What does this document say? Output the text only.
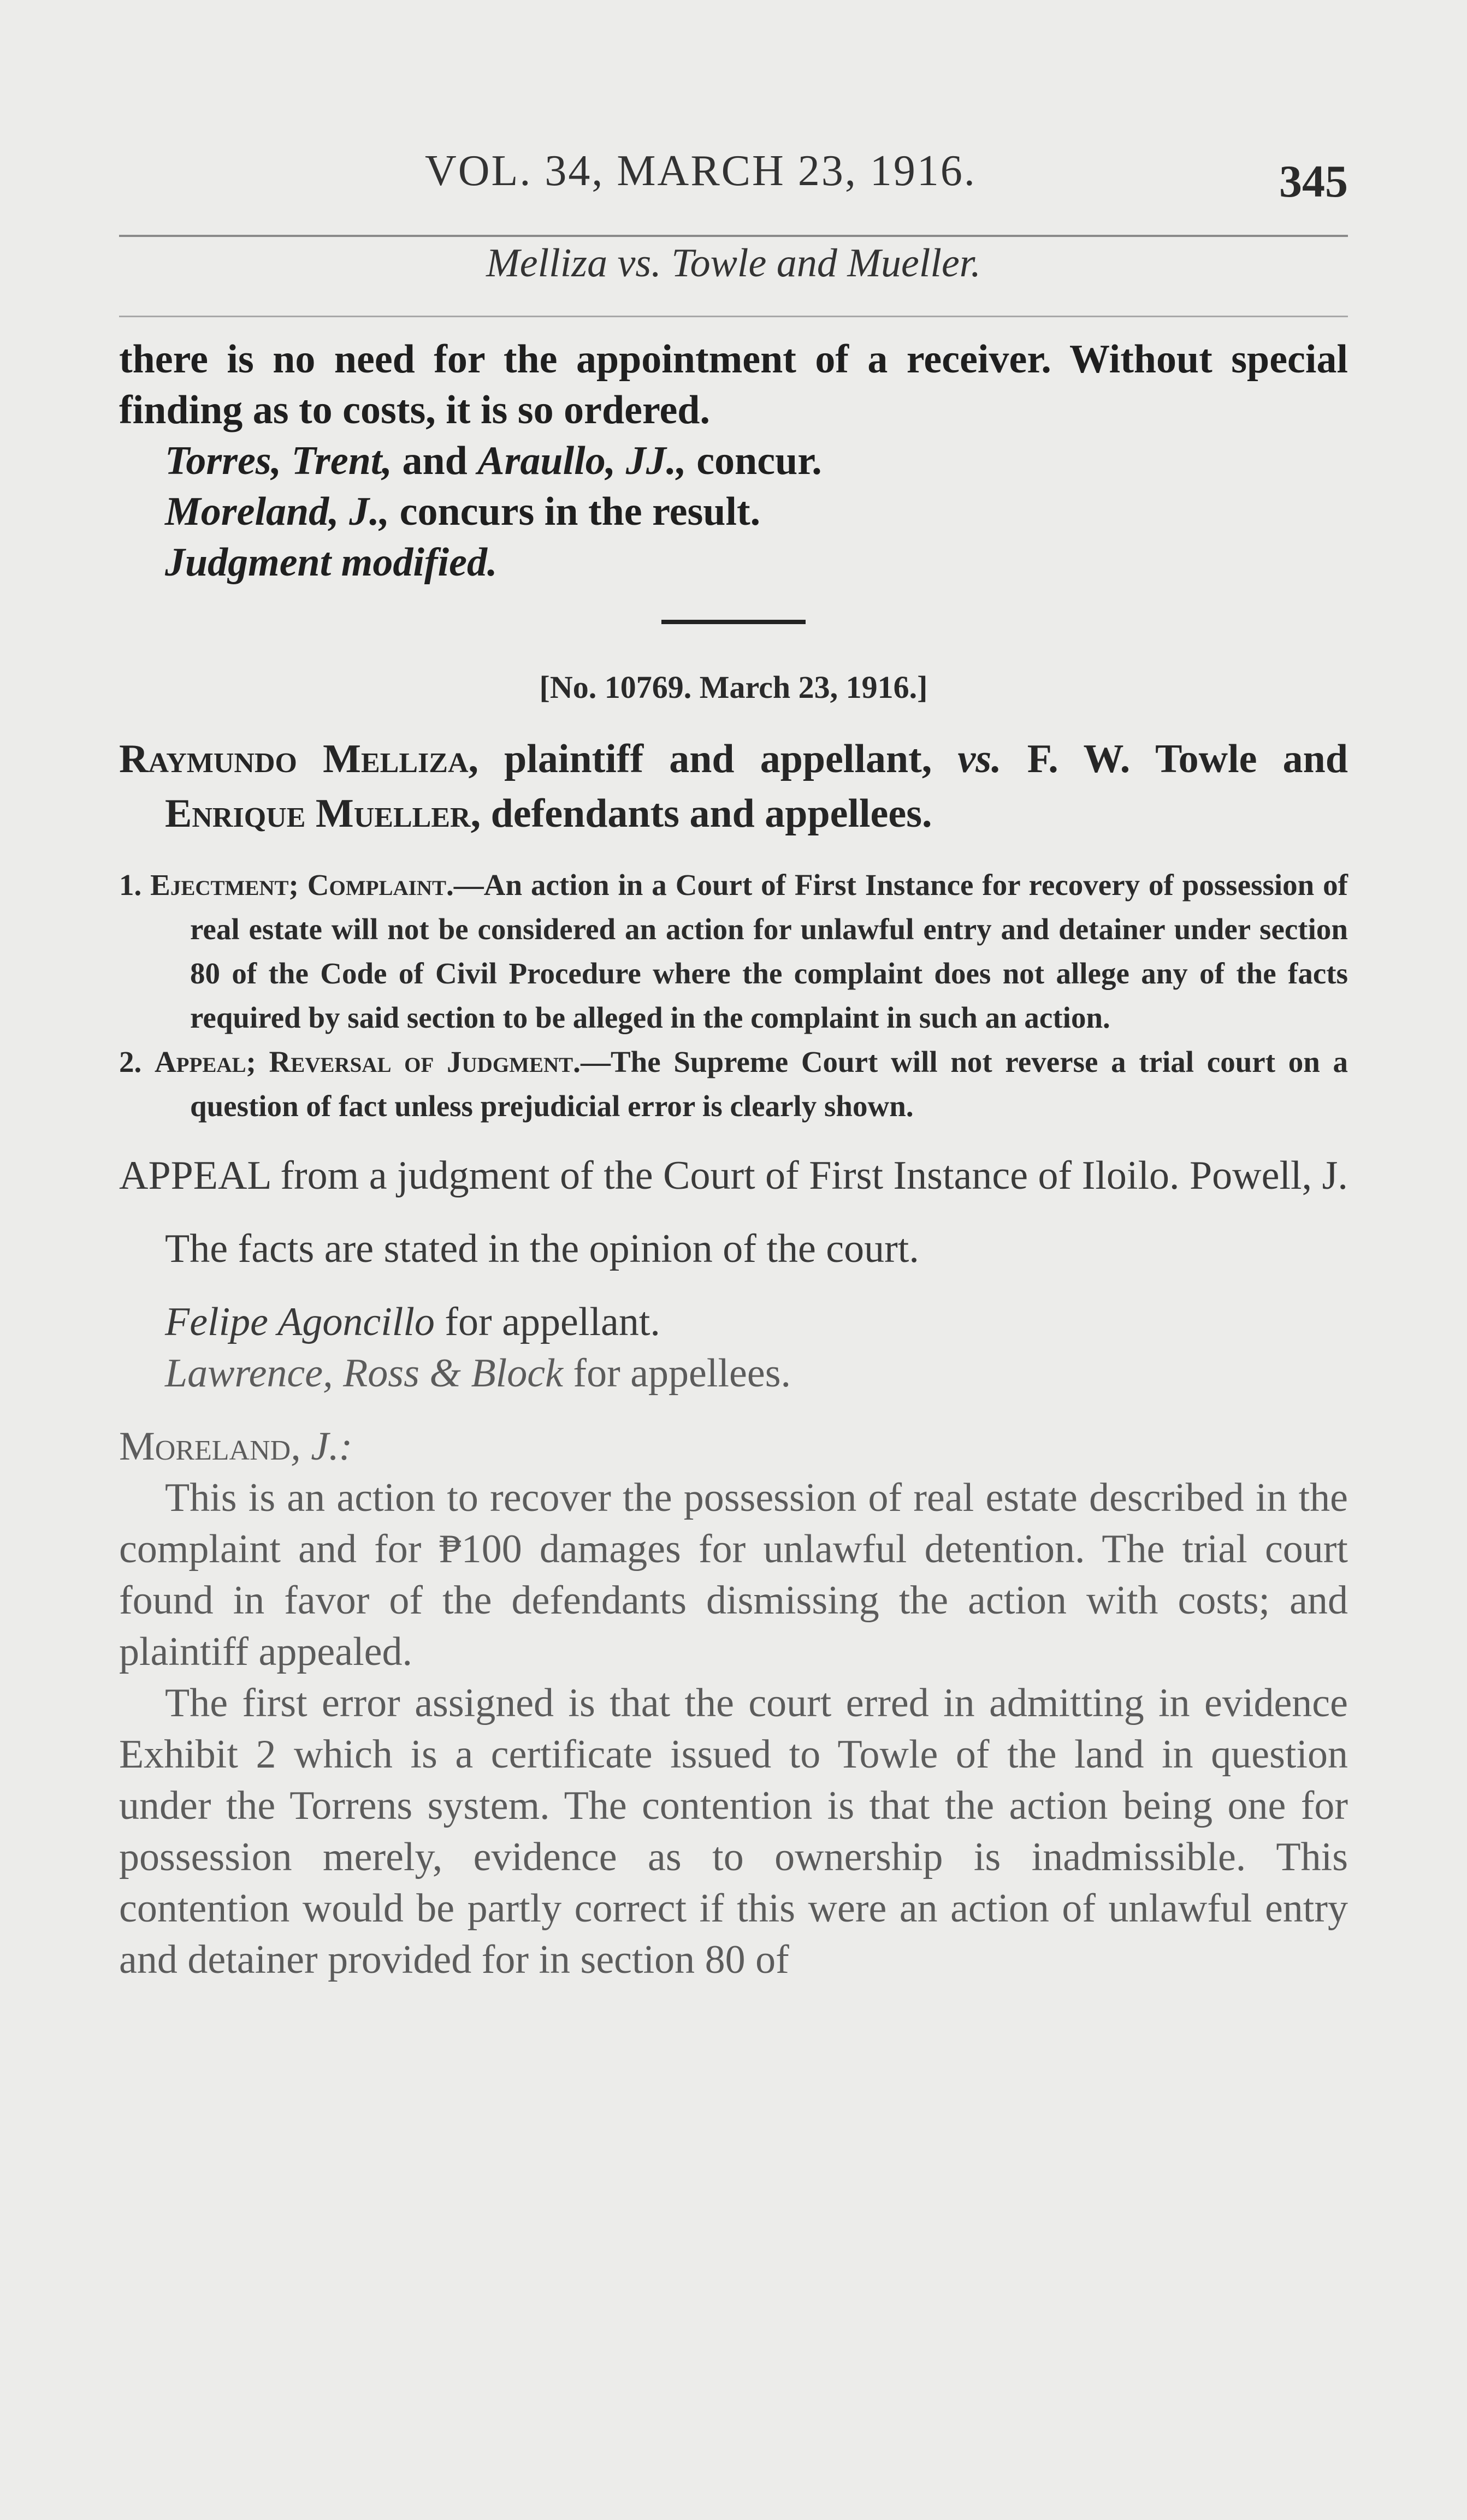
VOL. 34, MARCH 23, 1916.	345
Melliza vs. Towle and Mueller.

there is no need for the appointment of a receiver. Without special finding as to costs, it is so ordered.

Torres, Trent, and Araullo, JJ., concur.

Moreland, J., concurs in the result.

Judgment modified.

[No. 10769. March 23, 1916.]

Raymundo Melliza, plaintiff and appellant, vs. F. W. Towle and Enrique Mueller, defendants and appellees.

1. Ejectment; Complaint.—An action in a Court of First Instance for recovery of possession of real estate will not be considered an action for unlawful entry and detainer under section 80 of the Code of Civil Procedure where the complaint does not allege any of the facts required by said section to be alleged in the complaint in such an action.

2. Appeal; Reversal of Judgment.—The Supreme Court will not reverse a trial court on a question of fact unless prejudicial error is clearly shown.

APPEAL from a judgment of the Court of First Instance of Iloilo. Powell, J.

The facts are stated in the opinion of the court.

Felipe Agoncillo for appellant.

Lawrence, Ross & Block for appellees.

Moreland, J.:

This is an action to recover the possession of real estate described in the complaint and for ₱100 damages for unlawful detention. The trial court found in favor of the defendants dismissing the action with costs; and plaintiff appealed.

The first error assigned is that the court erred in admitting in evidence Exhibit 2 which is a certificate issued to Towle of the land in question under the Torrens system. The contention is that the action being one for possession merely, evidence as to ownership is inadmissible. This contention would be partly correct if this were an action of unlawful entry and detainer provided for in section 80 of
